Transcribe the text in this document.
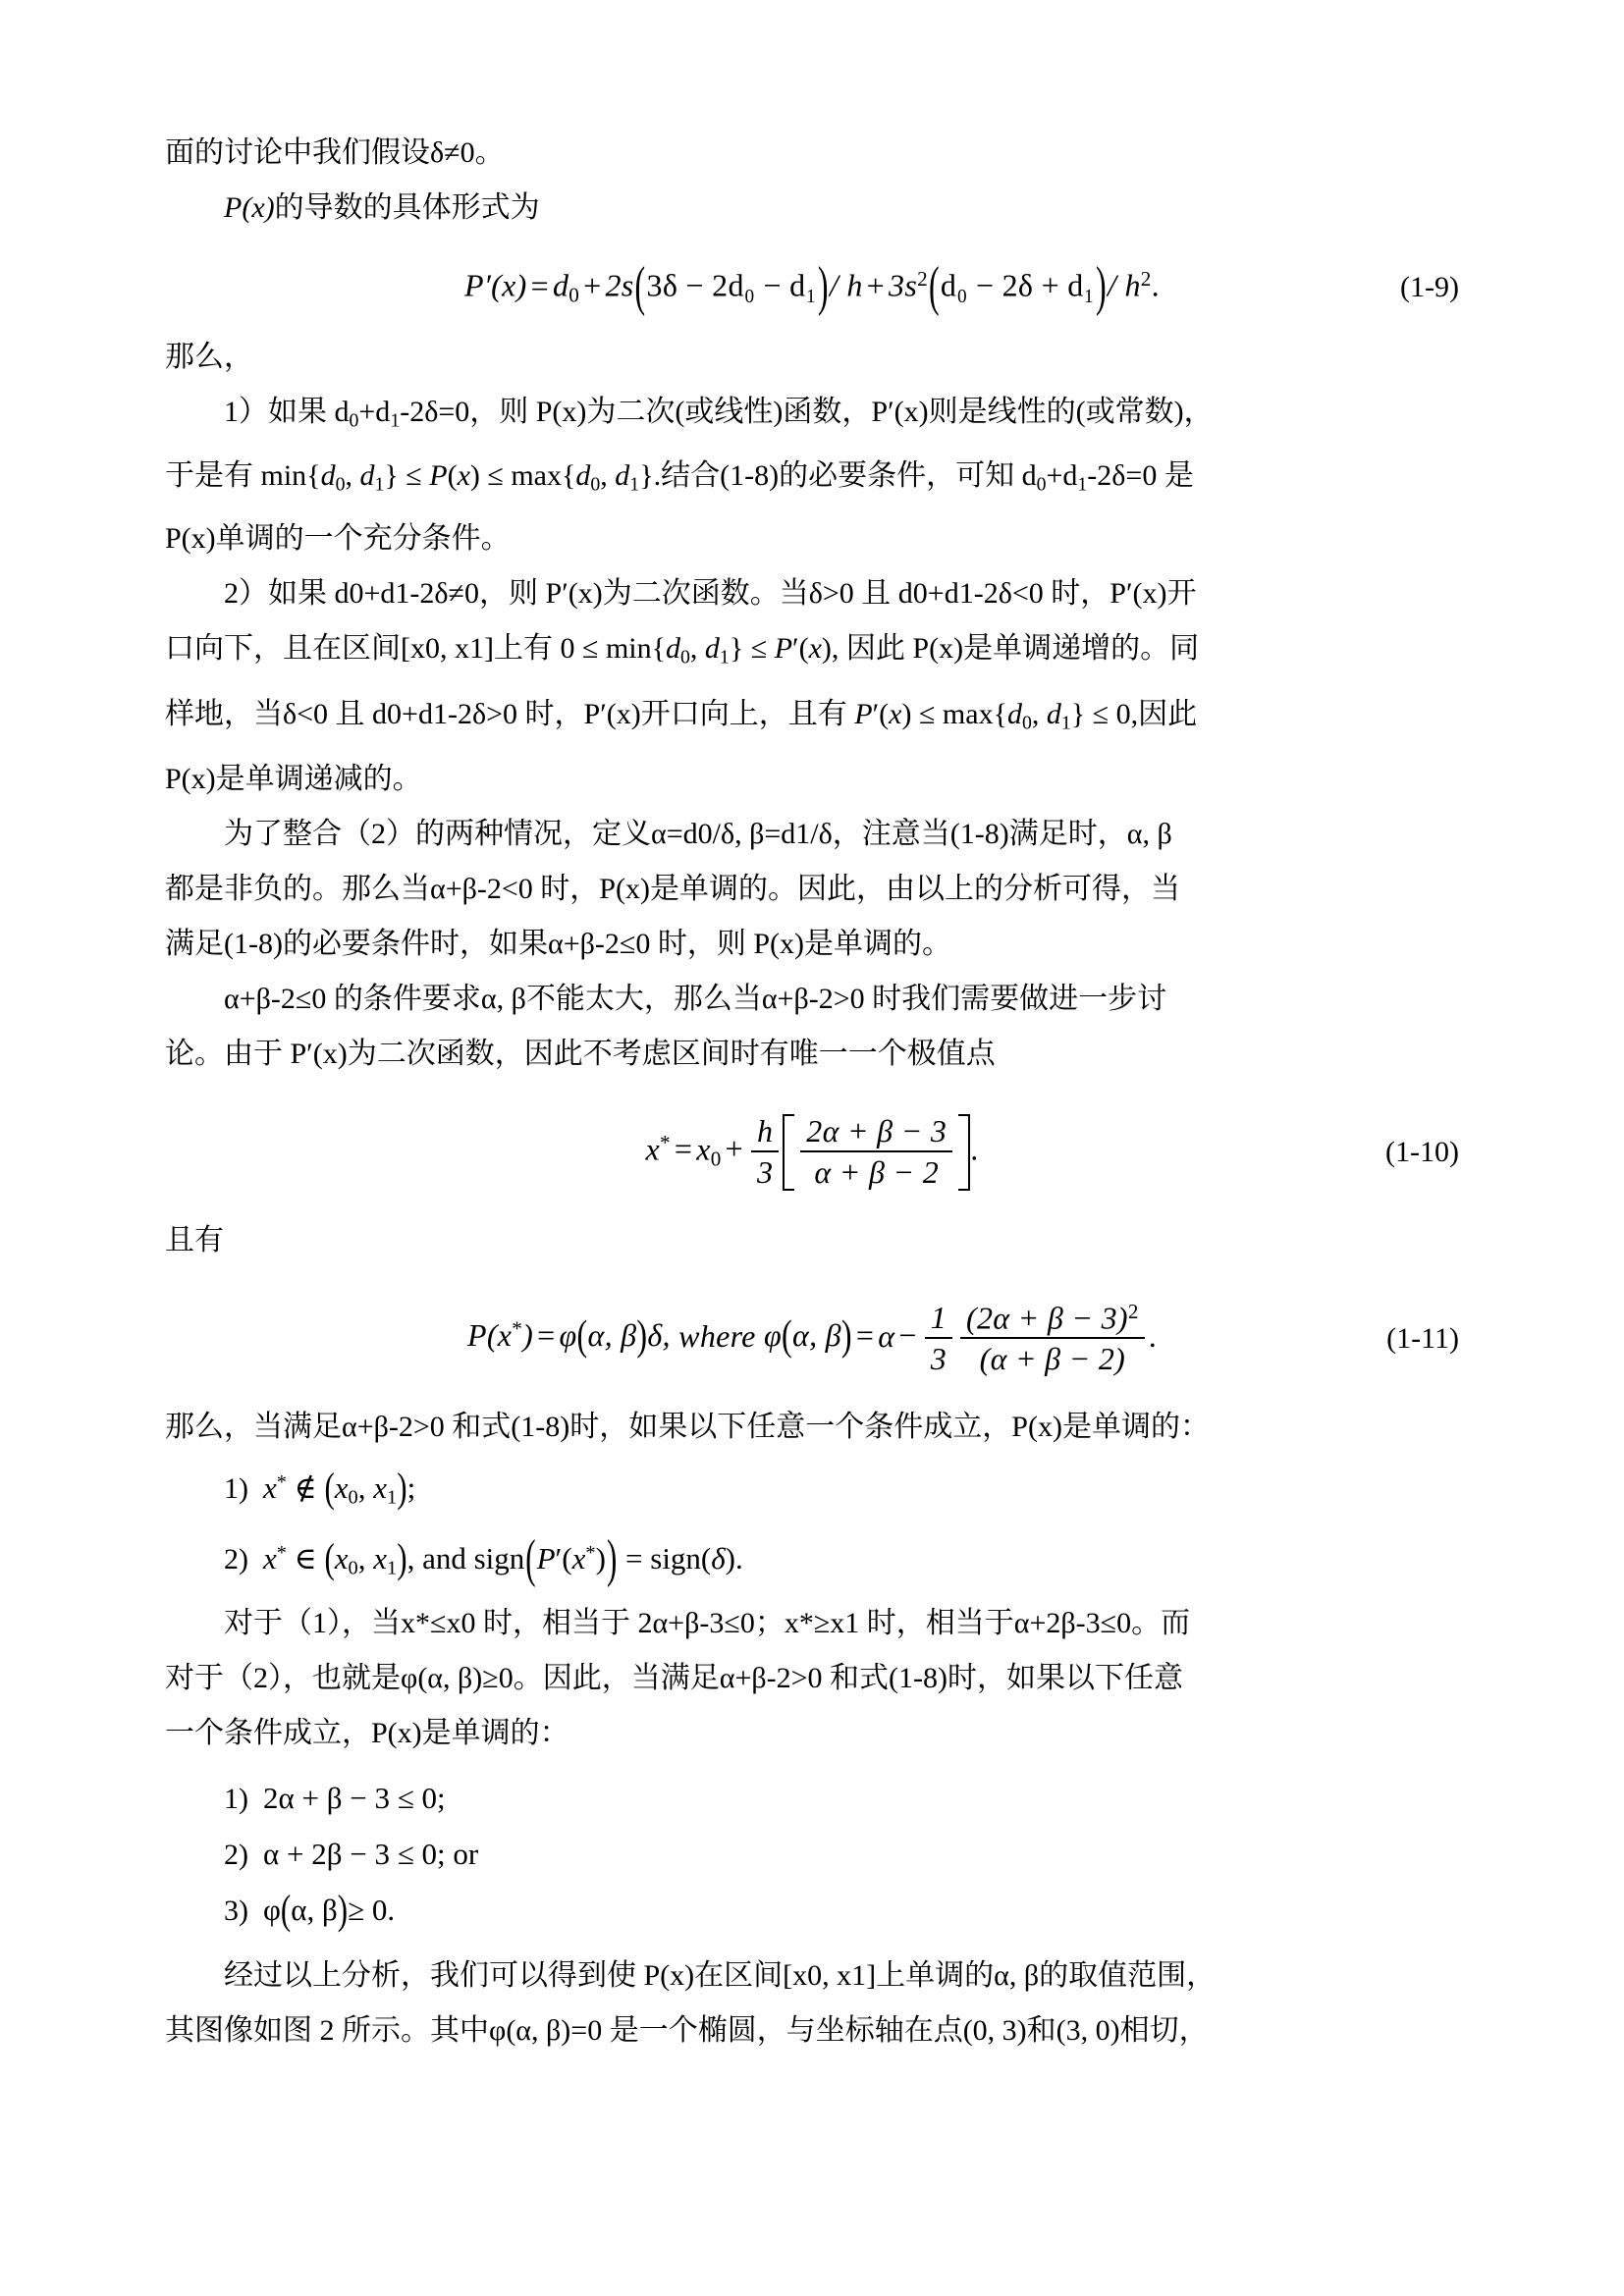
面的讨论中我们假设δ≠0。
P(x)的导数的具体形式为
P′(x) = d0 + 2s(3δ − 2d₀ − d₁)/ $h + 3s^2(d_0 - 2\delta + d_1)/$ $h^2$.	(1-9)
那么，
1）如果 d0+d1-2δ=0，则 P(x)为二次(或线性)函数，P′(x)则是线性的(或常数)，
于是有 min{d0, d1} ≤ P(x) ≤ max{d0, d1}.结合(1-8)的必要条件，可知 d0+d1-2δ=0 是
P(x)单调的一个充分条件。
2）如果 d0+d1-2δ≠0，则 P′(x)为二次函数。当δ>0 且 d0+d1-2δ<0 时，P′(x)开
口向下，且在区间[x0, x1]上有 0 ≤ min{d0, d1} ≤ P′(x), 因此 P(x)是单调递增的。同
样地，当δ<0 且 d0+d1-2δ>0 时，P′(x)开口向上，且有 P′(x) ≤ max{d0, d1} ≤ 0,因此
P(x)是单调递减的。
为了整合（2）的两种情况，定义α=d0/δ, β=d1/δ，注意当(1-8)满足时，α, β
都是非负的。那么当α+β-2<0 时，P(x)是单调的。因此，由以上的分析可得，当
满足(1-8)的必要条件时，如果α+β-2≤0 时，则 P(x)是单调的。
α+β-2≤0 的条件要求α, β不能太大，那么当α+β-2>0 时我们需要做进一步讨
论。由于 P′(x)为二次函数，因此不考虑区间时有唯一一个极值点
$x^* = x0 + \frac{h}{3} \frac{2\alpha + \beta - 3}{\alpha + \beta - 2}$ .	(1-10)
且有
P(x*) = φ(α, β)δ, where φ(α, $\beta) = \alpha - \frac{1}{3} \frac{(2\alpha + \beta - 3)^2}{(\alpha + \beta - 2)}$ .	(1-11)
那么，当满足α+β-2>0 和式(1-8)时，如果以下任意一个条件成立，P(x)是单调的：
1) x* ∉ (x0, x1);
2) x* ∈ (x0, x1), and sign(P′(x*)) = sign(δ).
对于（1），当x*≤x0 时，相当于 2α+β-3≤0；x*≥x1 时，相当于α+2β-3≤0。而
对于（2），也就是φ(α, β)≥0。因此，当满足α+β-2>0 和式(1-8)时，如果以下任意
一个条件成立，P(x)是单调的：
1) 2α + β − 3 ≤ 0;
2) α + 2β − 3 ≤ 0; or
3) φ(α, β)≥ 0.
经过以上分析，我们可以得到使 P(x)在区间[x0, x1]上单调的α, β的取值范围，
其图像如图 2 所示。其中φ(α, β)=0 是一个椭圆，与坐标轴在点(0, 3)和(3, 0)相切，
